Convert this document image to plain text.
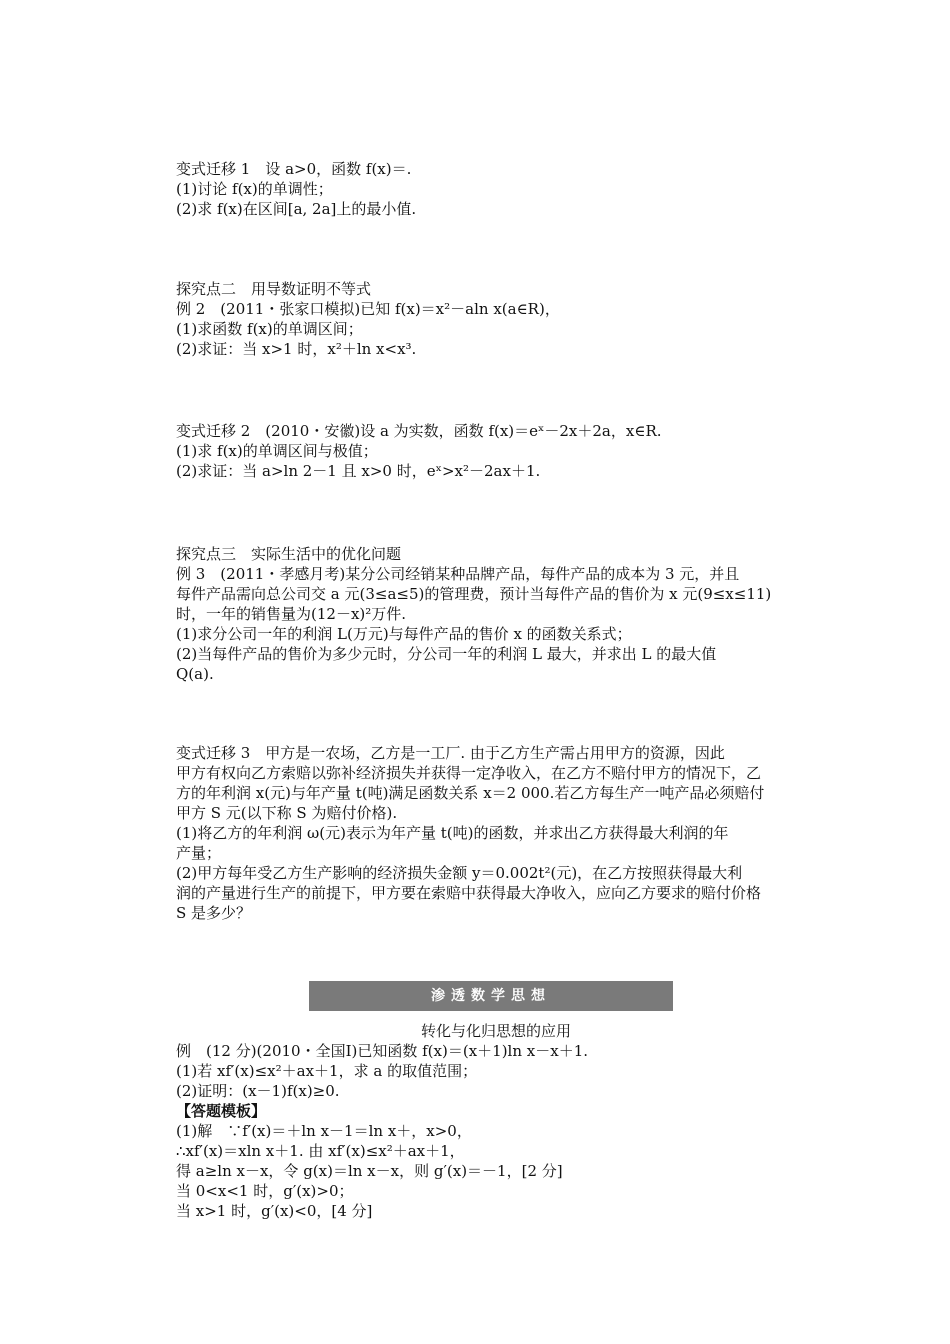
变式迁移 1　设 a>0，函数 f(x)＝.
(1)讨论 f(x)的单调性；
(2)求 f(x)在区间[a, 2a]上的最小值.
探究点二　用导数证明不等式
例 2　(2011・张家口模拟)已知 f(x)＝x²－aln x(a∈R)，
(1)求函数 f(x)的单调区间；
(2)求证：当 x>1 时，x²＋ln x<x³.
变式迁移 2　(2010・安徽)设 a 为实数，函数 f(x)＝eˣ－2x＋2a，x∈R.
(1)求 f(x)的单调区间与极值；
(2)求证：当 a>ln 2－1 且 x>0 时，eˣ>x²－2ax＋1.
探究点三　实际生活中的优化问题
例 3　(2011・孝感月考)某分公司经销某种品牌产品，每件产品的成本为 3 元，并且
每件产品需向总公司交 a 元(3≤a≤5)的管理费，预计当每件产品的售价为 x 元(9≤x≤11)
时，一年的销售量为(12－x)²万件.
(1)求分公司一年的利润 L(万元)与每件产品的售价 x 的函数关系式；
(2)当每件产品的售价为多少元时，分公司一年的利润 L 最大，并求出 L 的最大值
Q(a).
变式迁移 3　甲方是一农场，乙方是一工厂. 由于乙方生产需占用甲方的资源，因此
甲方有权向乙方索赔以弥补经济损失并获得一定净收入，在乙方不赔付甲方的情况下，乙
方的年利润 x(元)与年产量 t(吨)满足函数关系 x＝2 000.若乙方每生产一吨产品必须赔付
甲方 S 元(以下称 S 为赔付价格).
(1)将乙方的年利润 ω(元)表示为年产量 t(吨)的函数，并求出乙方获得最大利润的年
产量；
(2)甲方每年受乙方生产影响的经济损失金额 y＝0.002t²(元)，在乙方按照获得最大利
润的产量进行生产的前提下，甲方要在索赔中获得最大净收入，应向乙方要求的赔付价格
S 是多少？
渗透数学思想
转化与化归思想的应用
例　(12 分)(2010・全国Ⅰ)已知函数 f(x)＝(x＋1)ln x－x＋1.
(1)若 xf′(x)≤x²＋ax＋1，求 a 的取值范围；
(2)证明：(x－1)f(x)≥0.
【答题模板】
(1)解　∵f′(x)＝＋ln x－1＝ln x＋，x>0，
∴xf′(x)＝xln x＋1. 由 xf′(x)≤x²＋ax＋1，
得 a≥ln x－x，令 g(x)＝ln x－x，则 g′(x)＝－1，[2 分]
当 0<x<1 时，g′(x)>0；
当 x>1 时，g′(x)<0，[4 分]
